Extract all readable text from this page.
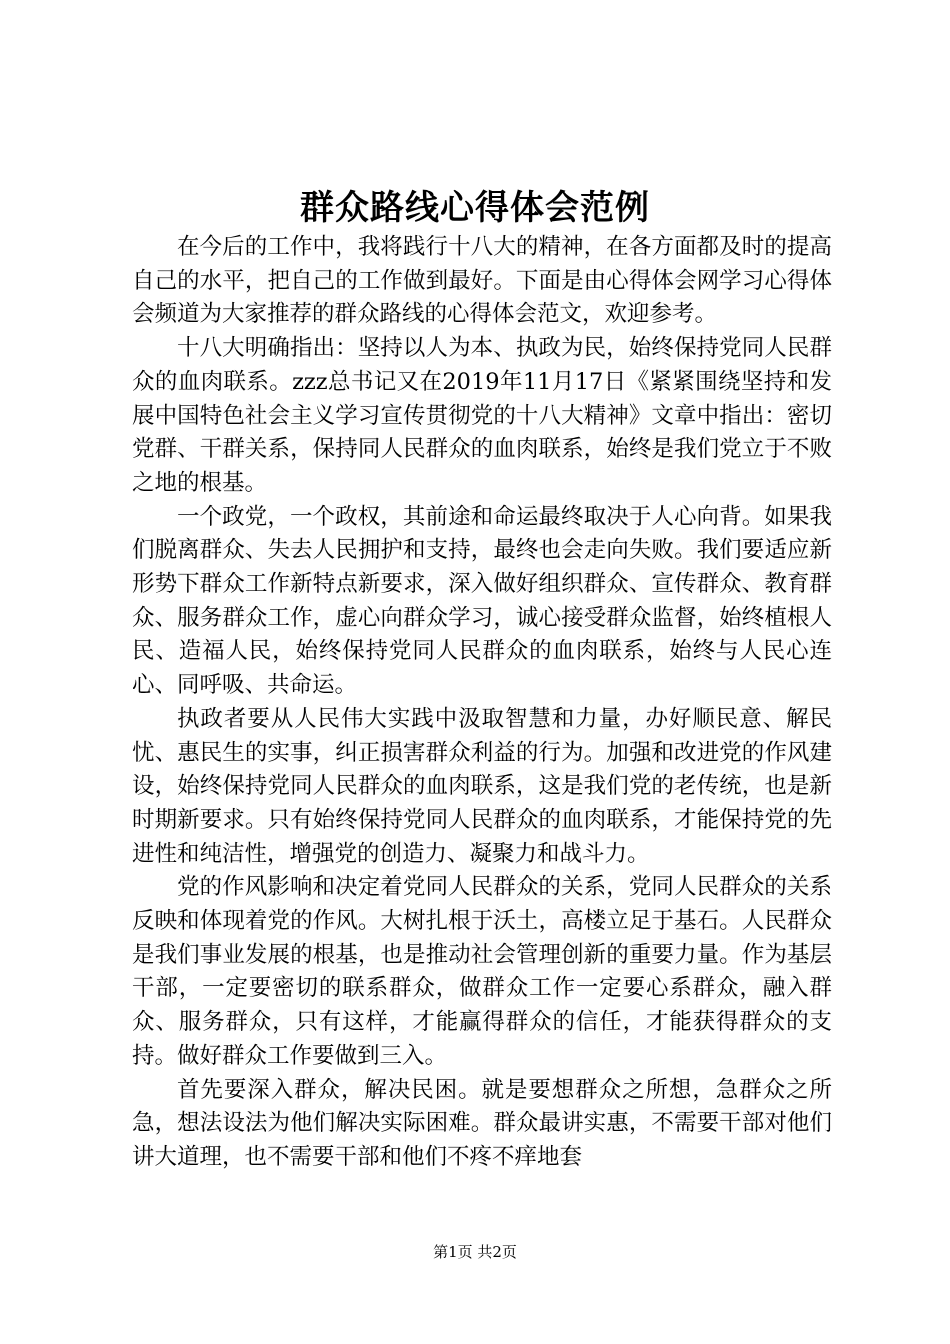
群众路线心得体会范例

在今后的工作中，我将践行十八大的精神，在各方面都及时的提高自己的水平，把自己的工作做到最好。下面是由心得体会网学习心得体会频道为大家推荐的群众路线的心得体会范文，欢迎参考。

十八大明确指出：坚持以人为本、执政为民，始终保持党同人民群众的血肉联系。zzz总书记又在2019年11月17日《紧紧围绕坚持和发展中国特色社会主义学习宣传贯彻党的十八大精神》文章中指出：密切党群、干群关系，保持同人民群众的血肉联系，始终是我们党立于不败之地的根基。

一个政党，一个政权，其前途和命运最终取决于人心向背。如果我们脱离群众、失去人民拥护和支持，最终也会走向失败。我们要适应新形势下群众工作新特点新要求，深入做好组织群众、宣传群众、教育群众、服务群众工作，虚心向群众学习，诚心接受群众监督，始终植根人民、造福人民，始终保持党同人民群众的血肉联系，始终与人民心连心、同呼吸、共命运。

执政者要从人民伟大实践中汲取智慧和力量，办好顺民意、解民忧、惠民生的实事，纠正损害群众利益的行为。加强和改进党的作风建设，始终保持党同人民群众的血肉联系，这是我们党的老传统，也是新时期新要求。只有始终保持党同人民群众的血肉联系，才能保持党的先进性和纯洁性，增强党的创造力、凝聚力和战斗力。

党的作风影响和决定着党同人民群众的关系，党同人民群众的关系反映和体现着党的作风。大树扎根于沃土，高楼立足于基石。人民群众是我们事业发展的根基，也是推动社会管理创新的重要力量。作为基层干部，一定要密切的联系群众，做群众工作一定要心系群众，融入群众、服务群众，只有这样，才能赢得群众的信任，才能获得群众的支持。做好群众工作要做到三入。

首先要深入群众，解决民困。就是要想群众之所想，急群众之所急，想法设法为他们解决实际困难。群众最讲实惠，不需要干部对他们讲大道理，也不需要干部和他们不疼不痒地套

第1页 共2页
